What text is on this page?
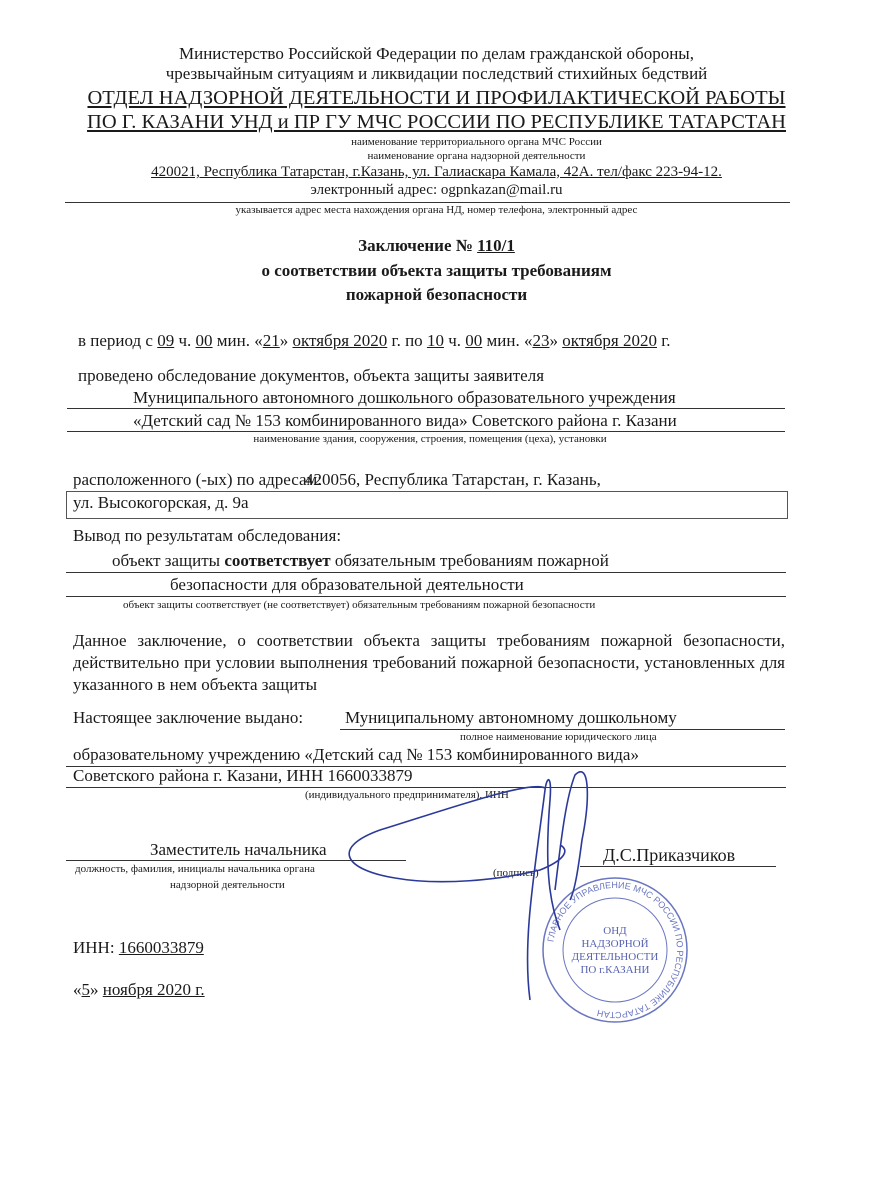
Министерство Российской Федерации по делам гражданской обороны,
чрезвычайным ситуациям и ликвидации последствий стихийных бедствий
ОТДЕЛ НАДЗОРНОЙ ДЕЯТЕЛЬНОСТИ И ПРОФИЛАКТИЧЕСКОЙ РАБОТЫ
ПО Г. КАЗАНИ УНД и ПР ГУ МЧС РОССИИ ПО РЕСПУБЛИКЕ ТАТАРСТАН
наименование территориального органа МЧС России
наименование органа надзорной деятельности
420021, Республика Татарстан, г.Казань, ул. Галиаскара Камала, 42А. тел/факс 223-94-12.
электронный адрес: ogpnkazan@mail.ru
указывается адрес места нахождения органа НД, номер телефона, электронный адрес
Заключение № 110/1
о соответствии объекта защиты требованиям
пожарной безопасности
в период с 09 ч. 00 мин. «21» октября 2020 г. по 10 ч. 00 мин. «23» октября 2020 г.
проведено обследование документов, объекта защиты заявителя
Муниципального автономного дошкольного образовательного учреждения
«Детский сад № 153 комбинированного вида» Советского района г. Казани
наименование здания, сооружения, строения, помещения (цеха), установки
расположенного (-ых) по адресам:
420056, Республика Татарстан, г. Казань,
ул. Высокогорская, д. 9а
Вывод по результатам обследования:
объект защиты соответствует обязательным требованиям пожарной
безопасности для образовательной деятельности
объект защиты соответствует (не соответствует) обязательным требованиям пожарной безопасности
Данное заключение, о соответствии объекта защиты требованиям пожарной безопасности, действительно при условии выполнения требований пожарной безопасности, установленных для указанного в нем объекта защиты
Настоящее заключение выдано: Муниципальному автономному дошкольному
полное наименование юридического лица
образовательному учреждению «Детский сад № 153 комбинированного вида»
Советского района г. Казани, ИНН 1660033879
(индивидуального предпринимателя), ИНН
Заместитель начальника
должность, фамилия, инициалы начальника органа
надзорной деятельности
(подпись)
Д.С.Приказчиков
ГЛАВНОЕ УПРАВЛЕНИЕ МЧС РОССИИ ПО РЕСПУБЛИКЕ ТАТАРСТАН
ОНД
НАДЗОРНОЙ
ДЕЯТЕЛЬНОСТИ
ПО г.КАЗАНИ
ИНН: 1660033879
«5» ноября 2020 г.
